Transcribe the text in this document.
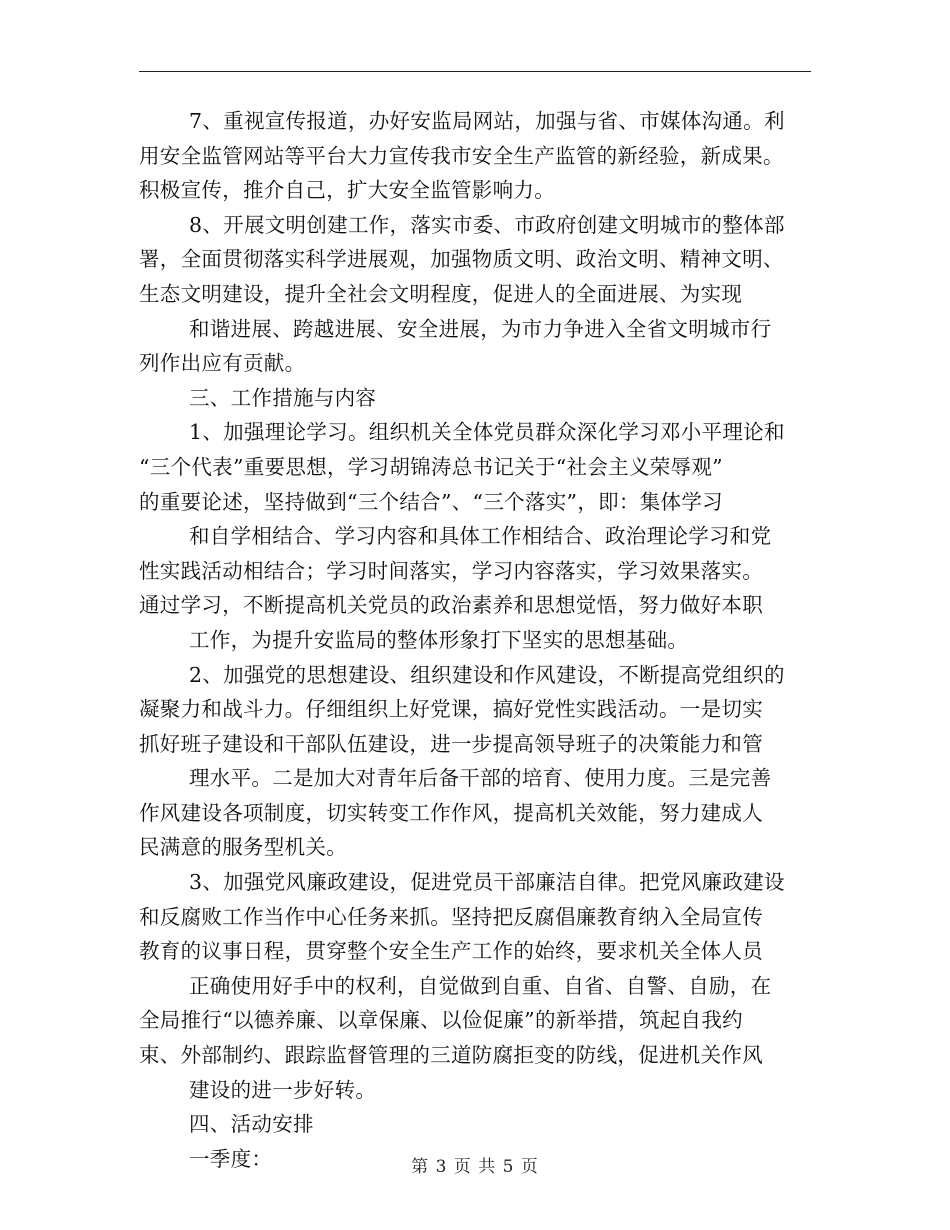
7、重视宣传报道，办好安监局网站，加强与省、市媒体沟通。利
用安全监管网站等平台大力宣传我市安全生产监管的新经验，新成果。
积极宣传，推介自己，扩大安全监管影响力。
8、开展文明创建工作，落实市委、市政府创建文明城市的整体部
署，全面贯彻落实科学进展观，加强物质文明、政治文明、精神文明、
生态文明建设，提升全社会文明程度，促进人的全面进展、为实现
和谐进展、跨越进展、安全进展，为市力争进入全省文明城市行
列作出应有贡献。
三、工作措施与内容
1、加强理论学习。组织机关全体党员群众深化学习邓小平理论和
“三个代表”重要思想，学习胡锦涛总书记关于“社会主义荣辱观”
的重要论述，坚持做到“三个结合”、“三个落实”，即：集体学习
和自学相结合、学习内容和具体工作相结合、政治理论学习和党
性实践活动相结合；学习时间落实，学习内容落实，学习效果落实。
通过学习，不断提高机关党员的政治素养和思想觉悟，努力做好本职
工作，为提升安监局的整体形象打下坚实的思想基础。
2、加强党的思想建设、组织建设和作风建设，不断提高党组织的
凝聚力和战斗力。仔细组织上好党课，搞好党性实践活动。一是切实
抓好班子建设和干部队伍建设，进一步提高领导班子的决策能力和管
理水平。二是加大对青年后备干部的培育、使用力度。三是完善
作风建设各项制度，切实转变工作作风，提高机关效能，努力建成人
民满意的服务型机关。
3、加强党风廉政建设，促进党员干部廉洁自律。把党风廉政建设
和反腐败工作当作中心任务来抓。坚持把反腐倡廉教育纳入全局宣传
教育的议事日程，贯穿整个安全生产工作的始终，要求机关全体人员
正确使用好手中的权利，自觉做到自重、自省、自警、自励，在
全局推行“以德养廉、以章保廉、以俭促廉”的新举措，筑起自我约
束、外部制约、跟踪监督管理的三道防腐拒变的防线，促进机关作风
建设的进一步好转。
四、活动安排
一季度：	第 3 页 共 5 页
